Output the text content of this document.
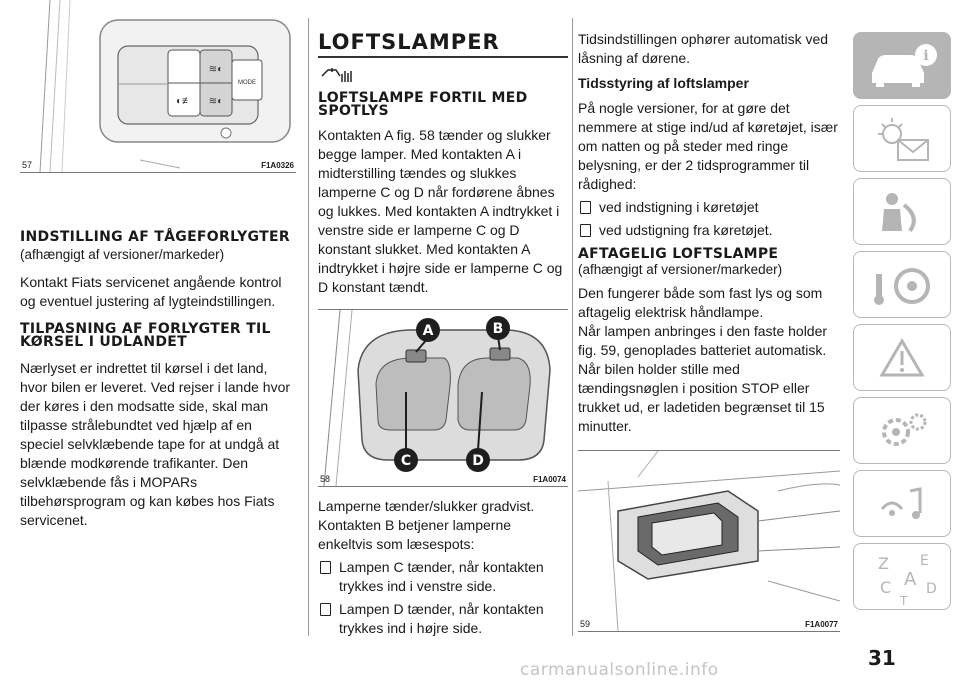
MODE
≋◐
◐≢ ≋◐
57	F1A0326
INDSTILLING AF TÅGEFORLYGTER

(afhængigt af versioner/markeder)

Kontakt Fiats servicenet angående kontrol og eventuel justering af lygteindstillingen.

TILPASNING AF FORLYGTER TIL KØRSEL I UDLANDET

Nærlyset er indrettet til kørsel i det land, hvor bilen er leveret. Ved rejser i lande hvor der køres i den modsatte side, skal man tilpasse strålebundtet ved hjælp af en speciel selvklæbende tape for at undgå at blænde modkørende trafikanter. Den selvklæbende fås i MOPARs tilbehørsprogram og kan købes hos Fiats servicenet.

LOFTSLAMPER
LOFTSLAMPE FORTIL MED SPOTLYS

Kontakten A fig. 58 tænder og slukker begge lamper. Med kontakten A i midterstilling tændes og slukkes lamperne C og D når fordørene åbnes og lukkes. Med kontakten A indtrykket i venstre side er lamperne C og D konstant slukket. Med kontakten A indtrykket i højre side er lamperne C og D konstant tændt.

A	B
C	D
58	F1A0074

Lamperne tænder/slukker gradvist. Kontakten B betjener lamperne enkeltvis som læsespots:

Lampen C tænder, når kontakten trykkes ind i venstre side.
Lampen D tænder, når kontakten trykkes ind i højre side.

Tidsindstillingen ophører automatisk ved låsning af dørene.

Tidsstyring af loftslamper

På nogle versioner, for at gøre det nemmere at stige ind/ud af køretøjet, især om natten og på steder med ringe belysning, er der 2 tidsprogrammer til rådighed:

ved indstigning i køretøjet
ved udstigning fra køretøjet.
AFTAGELIG LOFTSLAMPE

(afhængigt af versioner/markeder)

Den fungerer både som fast lys og som aftagelig elektrisk håndlampe.

Når lampen anbringes i den faste holder fig. 59, genoplades batteriet automatisk.

Når bilen holder stille med tændingsnøglen i position STOP eller trukket ud, er ladetiden begrænset til 15 minutter.

59	F1A0077
i
Z E
A
C D
T
31
carmanualsonline.info
